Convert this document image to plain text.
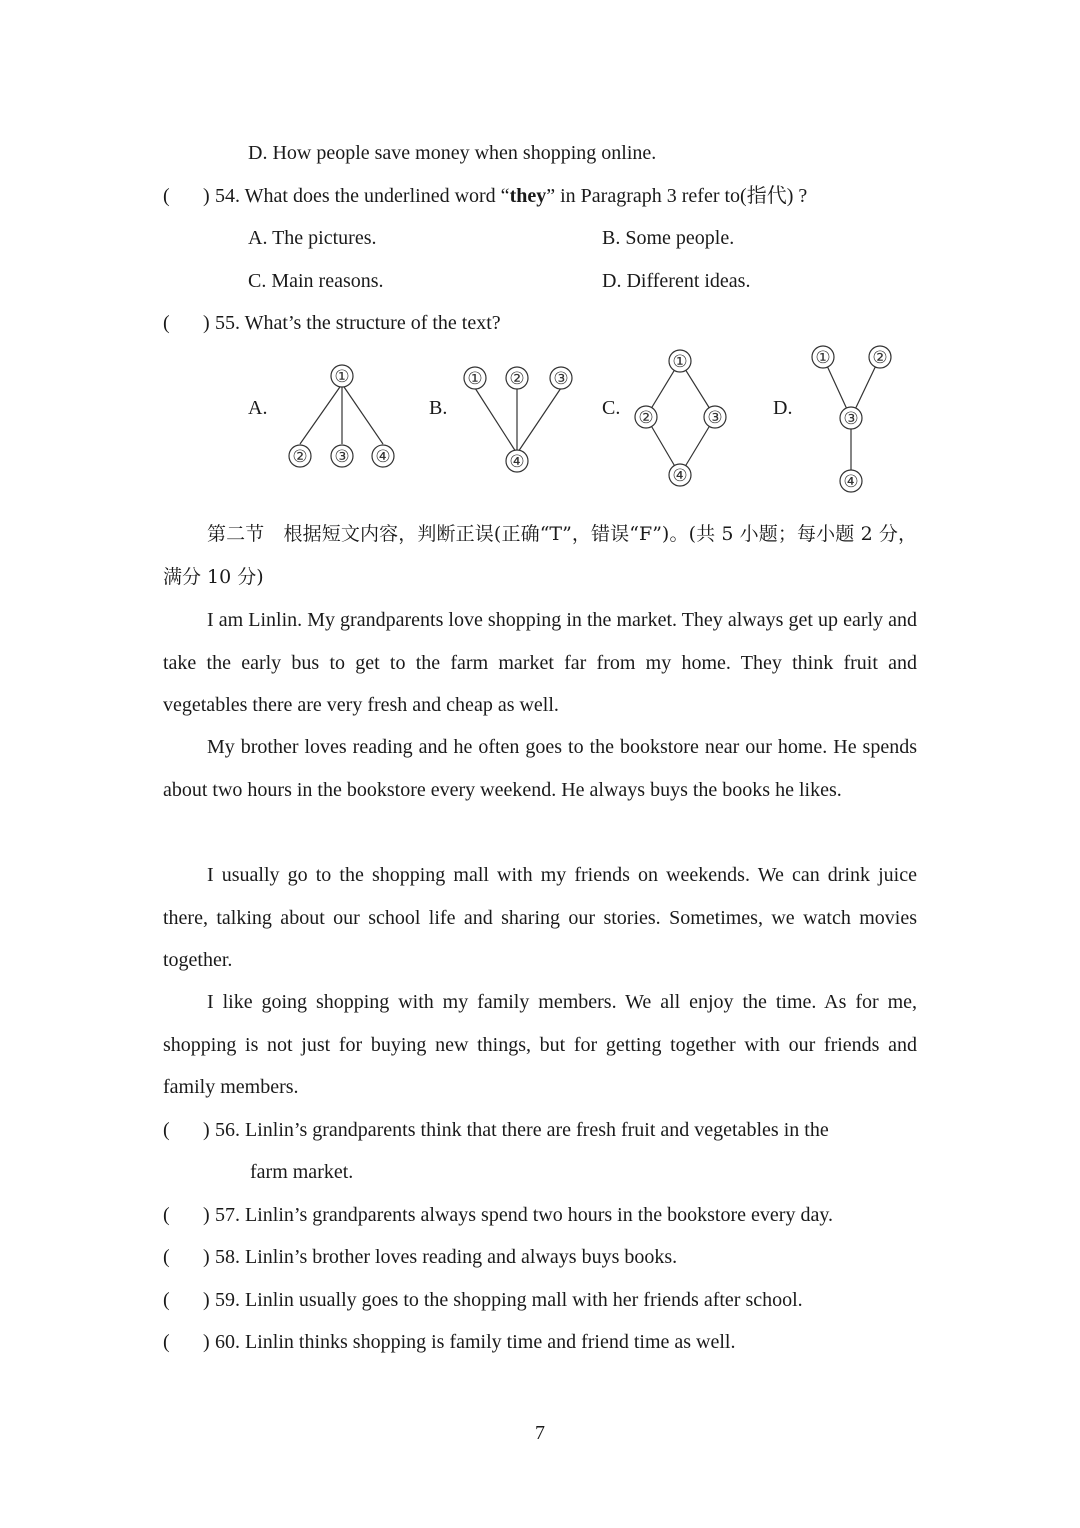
D. How people save money when shopping online.
( ) 54. What does the underlined word “they” in Paragraph 3 refer to(指代) ?
A. The pictures.	B. Some people.
C. Main reasons.	D. Different ideas.
( ) 55. What’s the structure of the text?
A.
①
② ③ ④
B.
① ② ③
④
C.
①
②	③
④
D.
① ②
③
④
第二节　根据短文内容，判断正误(正确“T”，错误“F”)。(共 5 小题；每小题 2 分，满分 10 分)
I am Linlin. My grandparents love shopping in the market. They always get up early and take the early bus to get to the farm market far from my home. They think fruit and vegetables there are very fresh and cheap as well.
My brother loves reading and he often goes to the bookstore near our home. He spends about two hours in the bookstore every weekend. He always buys the books he likes.
I usually go to the shopping mall with my friends on weekends. We can drink juice there, talking about our school life and sharing our stories. Sometimes, we watch movies together.
I like going shopping with my family members. We all enjoy the time. As for me, shopping is not just for buying new things, but for getting together with our friends and family members.
( ) 56. Linlin’s grandparents think that there are fresh fruit and vegetables in the
farm market.
( ) 57. Linlin’s grandparents always spend two hours in the bookstore every day.
( ) 58. Linlin’s brother loves reading and always buys books.
( ) 59. Linlin usually goes to the shopping mall with her friends after school.
( ) 60. Linlin thinks shopping is family time and friend time as well.
7
